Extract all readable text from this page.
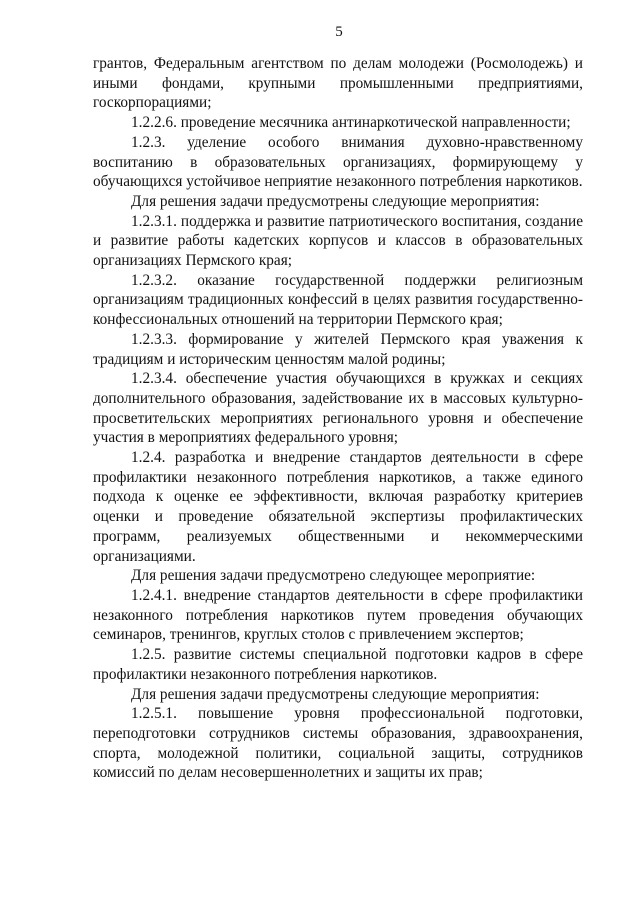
5

грантов, Федеральным агентством по делам молодежи (Росмолодежь) и иными фондами, крупными промышленными предприятиями, госкорпорациями;

1.2.2.6. проведение месячника антинаркотической направленности;

1.2.3. уделение особого внимания духовно-нравственному воспитанию в образовательных организациях, формирующему у обучающихся устойчивое неприятие незаконного потребления наркотиков.

Для решения задачи предусмотрены следующие мероприятия:

1.2.3.1. поддержка и развитие патриотического воспитания, создание и развитие работы кадетских корпусов и классов в образовательных организациях Пермского края;

1.2.3.2. оказание государственной поддержки религиозным организациям традиционных конфессий в целях развития государственно-конфессиональных отношений на территории Пермского края;

1.2.3.3. формирование у жителей Пермского края уважения к традициям и историческим ценностям малой родины;

1.2.3.4. обеспечение участия обучающихся в кружках и секциях дополнительного образования, задействование их в массовых культурно-просветительских мероприятиях регионального уровня и обеспечение участия в мероприятиях федерального уровня;

1.2.4. разработка и внедрение стандартов деятельности в сфере профилактики незаконного потребления наркотиков, а также единого подхода к оценке ее эффективности, включая разработку критериев оценки и проведение обязательной экспертизы профилактических программ, реализуемых общественными и некоммерческими организациями.

Для решения задачи предусмотрено следующее мероприятие:

1.2.4.1. внедрение стандартов деятельности в сфере профилактики незаконного потребления наркотиков путем проведения обучающих семинаров, тренингов, круглых столов с привлечением экспертов;

1.2.5. развитие системы специальной подготовки кадров в сфере профилактики незаконного потребления наркотиков.

Для решения задачи предусмотрены следующие мероприятия:

1.2.5.1. повышение уровня профессиональной подготовки, переподготовки сотрудников системы образования, здравоохранения, спорта, молодежной политики, социальной защиты, сотрудников комиссий по делам несовершеннолетних и защиты их прав;
